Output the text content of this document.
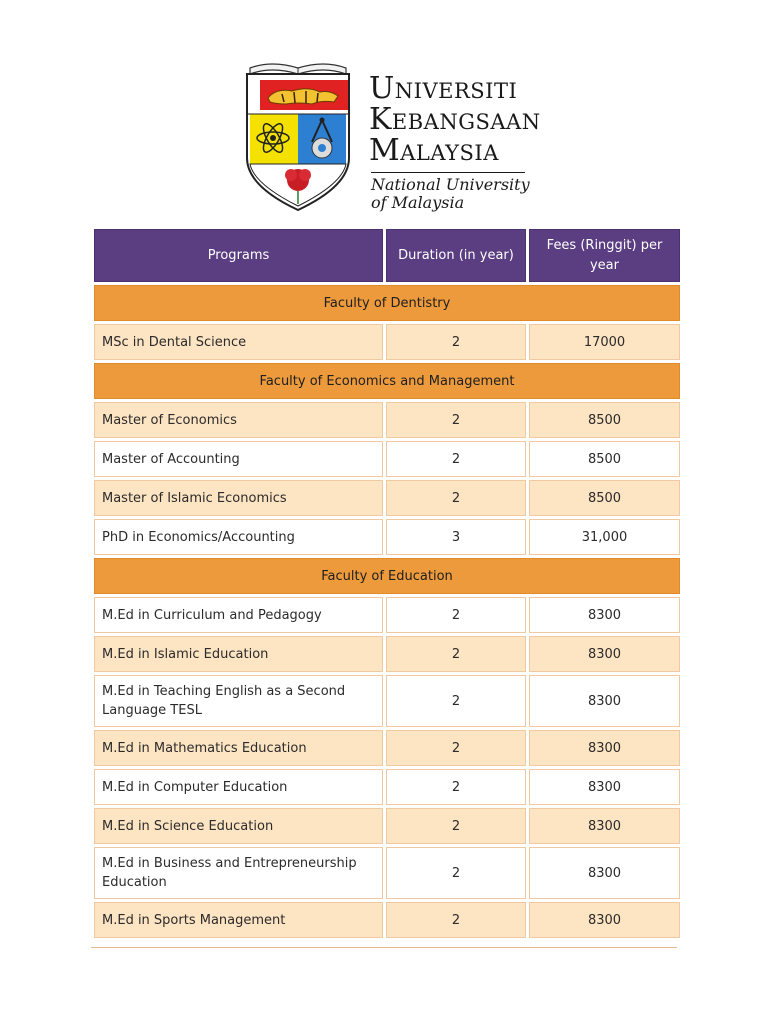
UNIVERSITI
KEBANGSAAN
MALAYSIA
National University
of Malaysia
Programs	Duration (in year)	Fees (Ringgit) per year
Faculty of Dentistry		
MSc in Dental Science	2	17000
Faculty of Economics and Management		
Master of Economics	2	8500
Master of Accounting	2	8500
Master of Islamic Economics	2	8500
PhD in Economics/Accounting	3	31,000
Faculty of Education		
M.Ed in Curriculum and Pedagogy	2	8300
M.Ed in Islamic Education	2	8300
M.Ed in Teaching English as a Second Language TESL	2	8300
M.Ed in Mathematics Education	2	8300
M.Ed in Computer Education	2	8300
M.Ed in Science Education	2	8300
M.Ed in Business and Entrepreneurship Education	2	8300
M.Ed in Sports Management	2	8300
